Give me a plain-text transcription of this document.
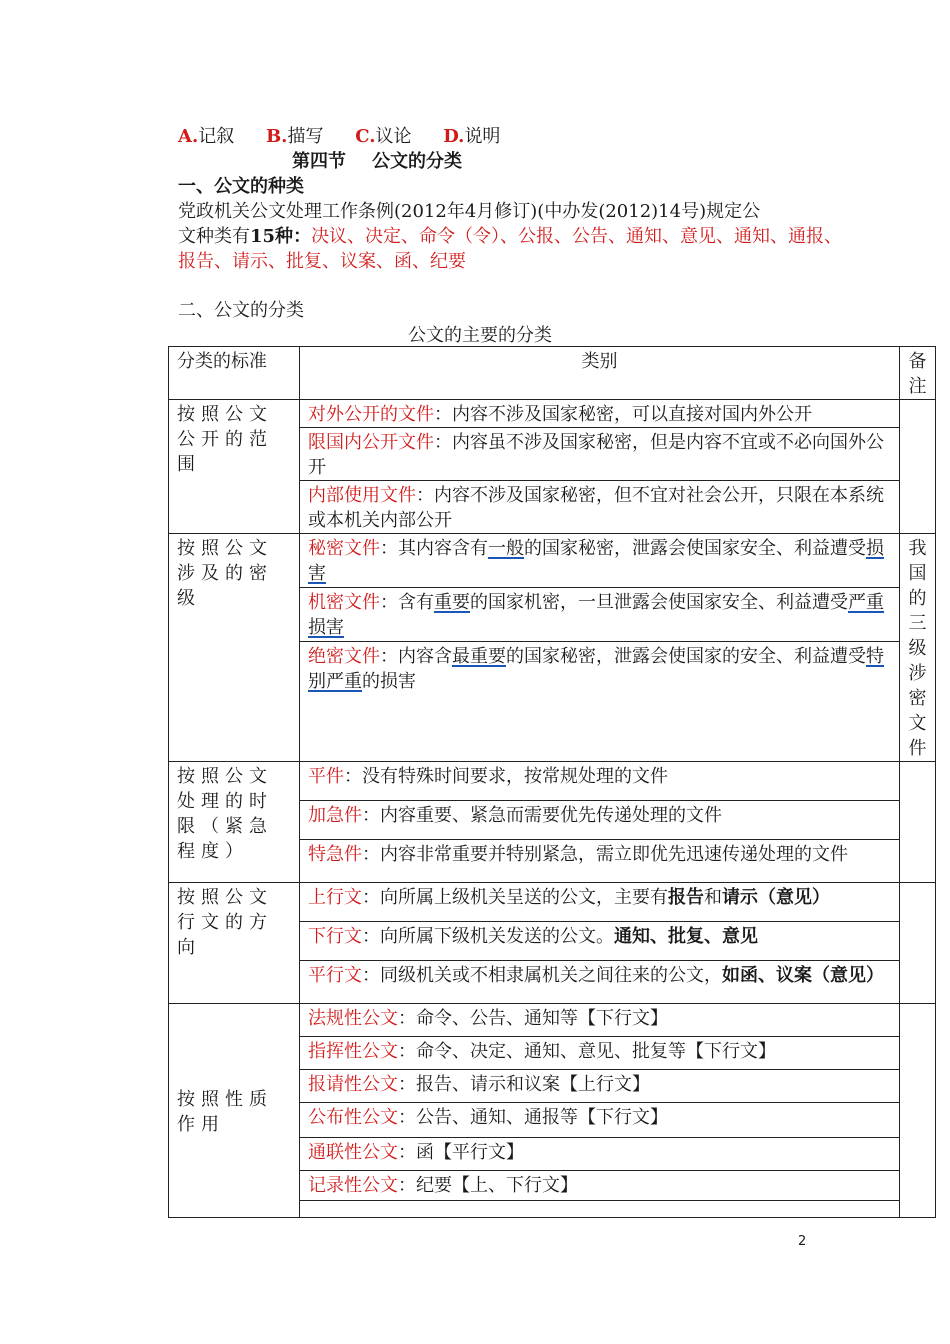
A.记叙 B.描写 C.议论 D.说明
第四节 公文的分类
一、公文的种类
党政机关公文处理工作条例(2012年4月修订)(中办发(2012)14号)规定公
文种类有15种：决议、决定、命令（令）、公报、公告、通知、意见、通知、通报、
报告、请示、批复、议案、函、纪要
二、公文的分类
公文的主要的分类
分类的标准	类别	备注

按照公文公开的范围	对外公开的文件：内容不涉及国家秘密，可以直接对国内外公开	
	限国内公开文件：内容虽不涉及国家秘密，但是内容不宜或不必向国外公开	
	内部使用文件：内容不涉及国家秘密，但不宜对社会公开，只限在本系统或本机关内部公开	
按照公文涉及的密级	秘密文件：其内容含有一般的国家秘密，泄露会使国家安全、利益遭受损害	我国的三级涉密文件

	机密文件：含有重要的国家机密，一旦泄露会使国家安全、利益遭受严重损害	
	绝密文件：内容含最重要的国家秘密，泄露会使国家的安全、利益遭受特别严重的损害	
按照公文处理的时限（紧急程度）	平件：没有特殊时间要求，按常规处理的文件	
	加急件：内容重要、紧急而需要优先传递处理的文件	
	特急件：内容非常重要并特别紧急，需立即优先迅速传递处理的文件	
按照公文行文的方向	上行文：向所属上级机关呈送的公文，主要有报告和请示（意见）	
	下行文：向所属下级机关发送的公文。通知、批复、意见	
	平行文：同级机关或不相隶属机关之间往来的公文，如函、议案（意见）	
按照性质作用	法规性公文：命令、公告、通知等【下行文】	
	指挥性公文：命令、决定、通知、意见、批复等【下行文】	
	报请性公文：报告、请示和议案【上行文】	
	公布性公文：公告、通知、通报等【下行文】	
	通联性公文：函【平行文】	
	记录性公文：纪要【上、下行文】	

2
